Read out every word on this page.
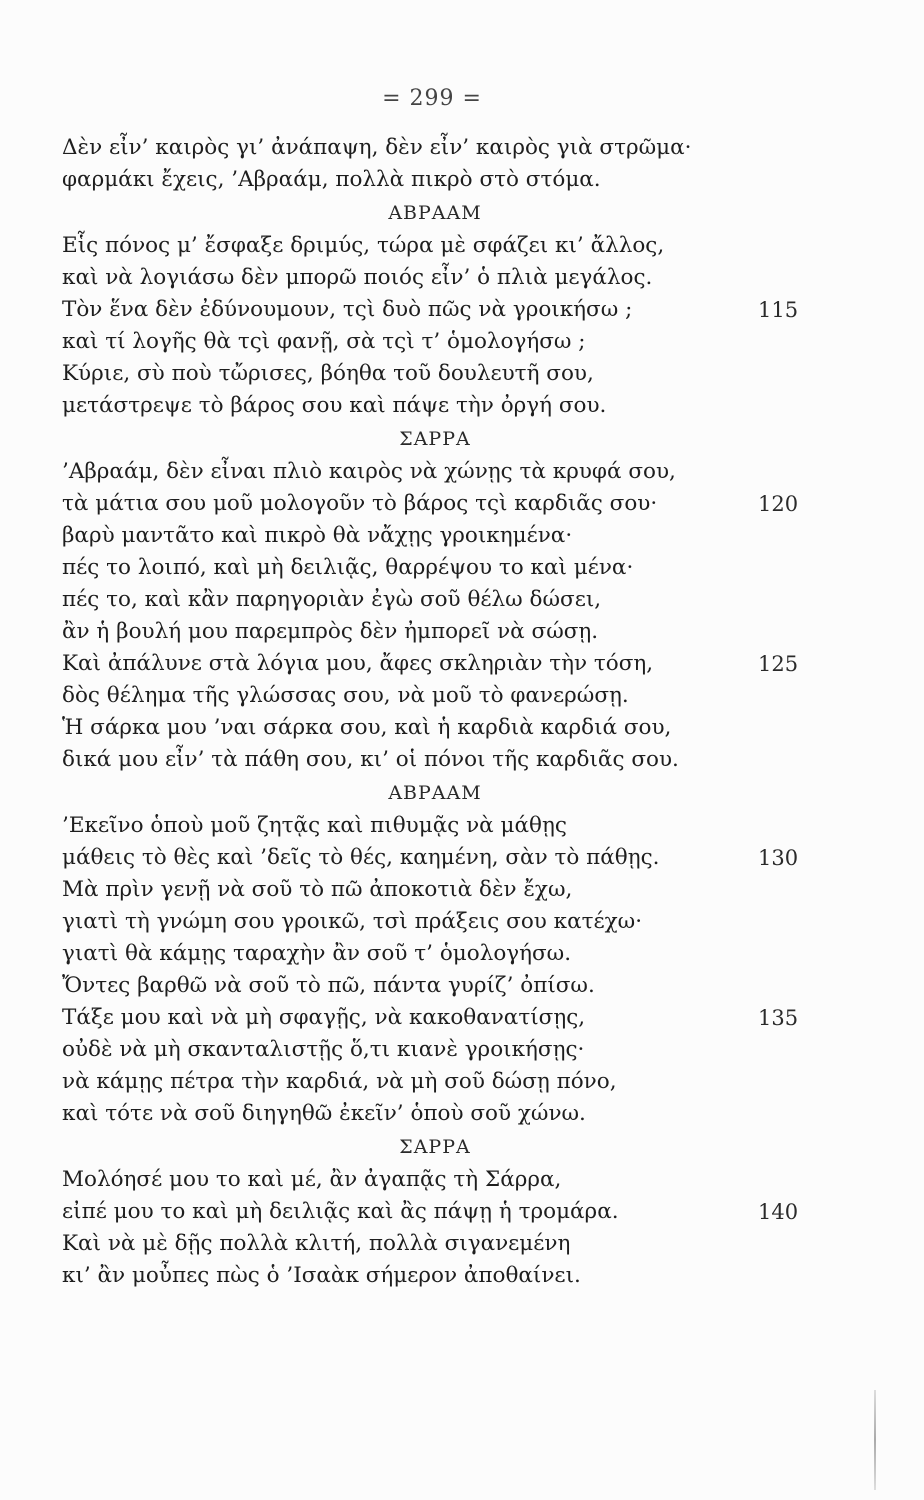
= 299 =
Δὲν εἶν’ καιρὸς γι’ ἀνάπαψη, δὲν εἶν’ καιρὸς γιὰ στρῶμα·
φαρμάκι ἔχεις, ’Αβραάμ, πολλὰ πικρὸ στὸ στόμα.
ΑΒΡΑΑΜ
Εἷς πόνος μ’ ἔσφαξε δριμύς, τώρα μὲ σφάζει κι’ ἄλλος,
καὶ νὰ λογιάσω δὲν μπορῶ ποιός εἶν’ ὁ πλιὰ μεγάλος.
Τὸν ἕνα δὲν ἐδύνουμουν, τςὶ δυὸ πῶς νὰ γροικήσω ;	115
καὶ τί λογῆς θὰ τςὶ φανῇ, σὰ τςὶ τ’ ὁμολογήσω ;
Κύριε, σὺ ποὺ τὤρισες, βόηθα τοῦ δουλευτῆ σου,
μετάστρεψε τὸ βάρος σου καὶ πάψε τὴν ὀργή σου.
ΣΑΡΡΑ
’Αβραάμ, δὲν εἶναι πλιὸ καιρὸς νὰ χώνῃς τὰ κρυφά σου,
τὰ μάτια σου μοῦ μολογοῦν τὸ βάρος τςὶ καρδιᾶς σου·	120
βαρὺ μαντᾶτο καὶ πικρὸ θὰ νἄχῃς γροικημένα·
πές το λοιπό, καὶ μὴ δειλιᾷς, θαρρέψου το καὶ μένα·
πές το, καὶ κἂν παρηγοριὰν ἐγὼ σοῦ θέλω δώσει,
ἂν ἡ βουλή μου παρεμπρὸς δὲν ἠμπορεῖ νὰ σώσῃ.
Καὶ ἀπάλυνε στὰ λόγια μου, ἄφες σκληριὰν τὴν τόση,	125
δὸς θέλημα τῆς γλώσσας σου, νὰ μοῦ τὸ φανερώσῃ.
Ἡ σάρκα μου ’ναι σάρκα σου, καὶ ἡ καρδιὰ καρδιά σου,
δικά μου εἶν’ τὰ πάθη σου, κι’ οἱ πόνοι τῆς καρδιᾶς σου.
ΑΒΡΑΑΜ
’Εκεῖνο ὁποὺ μοῦ ζητᾷς καὶ πιθυμᾷς νὰ μάθῃς
μάθεις τὸ θὲς καὶ ’δεῖς τὸ θές, καημένη, σὰν τὸ πάθῃς.	130
Μὰ πρὶν γενῇ νὰ σοῦ τὸ πῶ ἀποκοτιὰ δὲν ἔχω,
γιατὶ τὴ γνώμη σου γροικῶ, τσὶ πράξεις σου κατέχω·
γιατὶ θὰ κάμῃς ταραχὴν ἂν σοῦ τ’ ὁμολογήσω.
Ὄντες βαρθῶ νὰ σοῦ τὸ πῶ, πάντα γυρίζ’ ὀπίσω.
Τάξε μου καὶ νὰ μὴ σφαγῇς, νὰ κακοθανατίσῃς,	135
οὐδὲ νὰ μὴ σκανταλιστῇς ὅ,τι κιανὲ γροικήσῃς·
νὰ κάμῃς πέτρα τὴν καρδιά, νὰ μὴ σοῦ δώσῃ πόνο,
καὶ τότε νὰ σοῦ διηγηθῶ ἐκεῖν’ ὁποὺ σοῦ χώνω.
ΣΑΡΡΑ
Μολόησέ μου το καὶ μέ, ἂν ἀγαπᾷς τὴ Σάρρα,
εἰπέ μου το καὶ μὴ δειλιᾷς καὶ ἂς πάψῃ ἡ τρομάρα.	140
Καὶ νὰ μὲ δῇς πολλὰ κλιτή, πολλὰ σιγανεμένη
κι’ ἂν μοὖπες πὼς ὁ ’Ισαὰκ σήμερον ἀποθαίνει.
